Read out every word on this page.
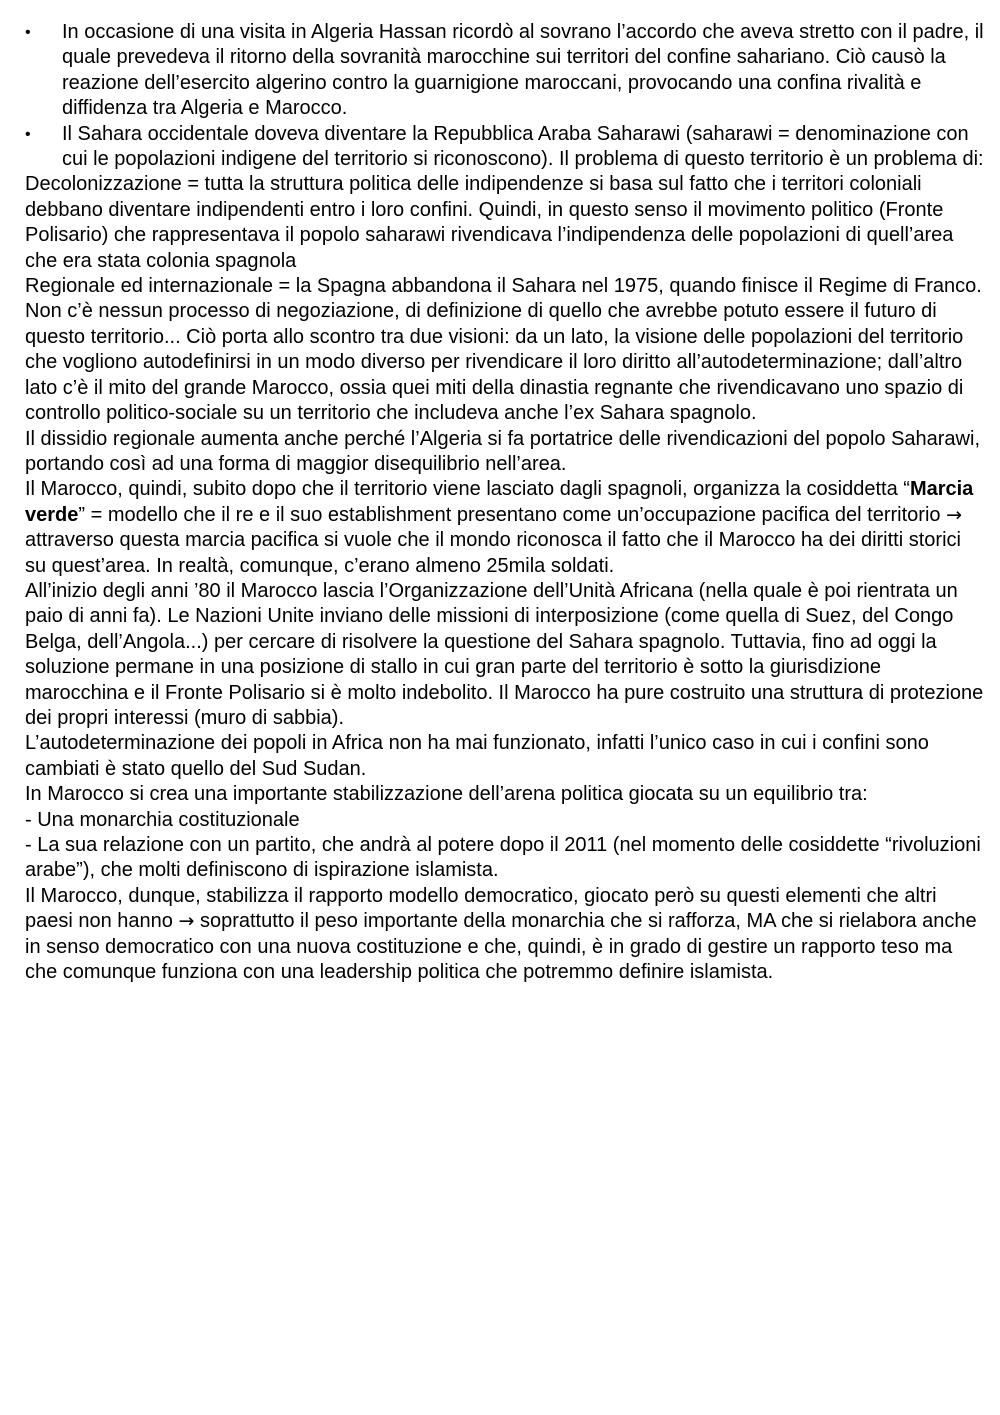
•	In occasione di una visita in Algeria Hassan ricordò al sovrano l’accordo che aveva stretto con il padre, il quale prevedeva il ritorno della sovranità marocchine sui territori del confine sahariano. Ciò causò la reazione dell’esercito algerino contro la guarnigione maroccani, provocando una confina rivalità e diffidenza tra Algeria e Marocco.
•	Il Sahara occidentale doveva diventare la Repubblica Araba Saharawi (saharawi = denominazione con cui le popolazioni indigene del territorio si riconoscono). Il problema di questo territorio è un problema di:

Decolonizzazione = tutta la struttura politica delle indipendenze si basa sul fatto che i territori coloniali debbano diventare indipendenti entro i loro confini. Quindi, in questo senso il movimento politico (Fronte Polisario) che rappresentava il popolo saharawi rivendicava l’indipendenza delle popolazioni di quell’area che era stata colonia spagnola

Regionale ed internazionale = la Spagna abbandona il Sahara nel 1975, quando finisce il Regime di Franco. Non c’è nessun processo di negoziazione, di definizione di quello che avrebbe potuto essere il futuro di questo territorio... Ciò porta allo scontro tra due visioni: da un lato, la visione delle popolazioni del territorio che vogliono autodefinirsi in un modo diverso per rivendicare il loro diritto all’autodeterminazione; dall’altro lato c’è il mito del grande Marocco, ossia quei miti della dinastia regnante che rivendicavano uno spazio di controllo politico-sociale su un territorio che includeva anche l’ex Sahara spagnolo.

Il dissidio regionale aumenta anche perché l’Algeria si fa portatrice delle rivendicazioni del popolo Saharawi, portando così ad una forma di maggior disequilibrio nell’area.

Il Marocco, quindi, subito dopo che il territorio viene lasciato dagli spagnoli, organizza la cosiddetta “Marcia verde” = modello che il re e il suo establishment presentano come un’occupazione pacifica del territorio → attraverso questa marcia pacifica si vuole che il mondo riconosca il fatto che il Marocco ha dei diritti storici su quest’area. In realtà, comunque, c’erano almeno 25mila soldati.

All’inizio degli anni ’80 il Marocco lascia l’Organizzazione dell’Unità Africana (nella quale è poi rientrata un paio di anni fa). Le Nazioni Unite inviano delle missioni di interposizione (come quella di Suez, del Congo Belga, dell’Angola...) per cercare di risolvere la questione del Sahara spagnolo. Tuttavia, fino ad oggi la soluzione permane in una posizione di stallo in cui gran parte del territorio è sotto la giurisdizione marocchina e il Fronte Polisario si è molto indebolito. Il Marocco ha pure costruito una struttura di protezione dei propri interessi (muro di sabbia).

L’autodeterminazione dei popoli in Africa non ha mai funzionato, infatti l’unico caso in cui i confini sono cambiati è stato quello del Sud Sudan.

In Marocco si crea una importante stabilizzazione dell’arena politica giocata su un equilibrio tra:

- Una monarchia costituzionale

- La sua relazione con un partito, che andrà al potere dopo il 2011 (nel momento delle cosiddette “rivoluzioni arabe”), che molti definiscono di ispirazione islamista.

Il Marocco, dunque, stabilizza il rapporto modello democratico, giocato però su questi elementi che altri paesi non hanno → soprattutto il peso importante della monarchia che si rafforza, MA che si rielabora anche in senso democratico con una nuova costituzione e che, quindi, è in grado di gestire un rapporto teso ma che comunque funziona con una leadership politica che potremmo definire islamista.
